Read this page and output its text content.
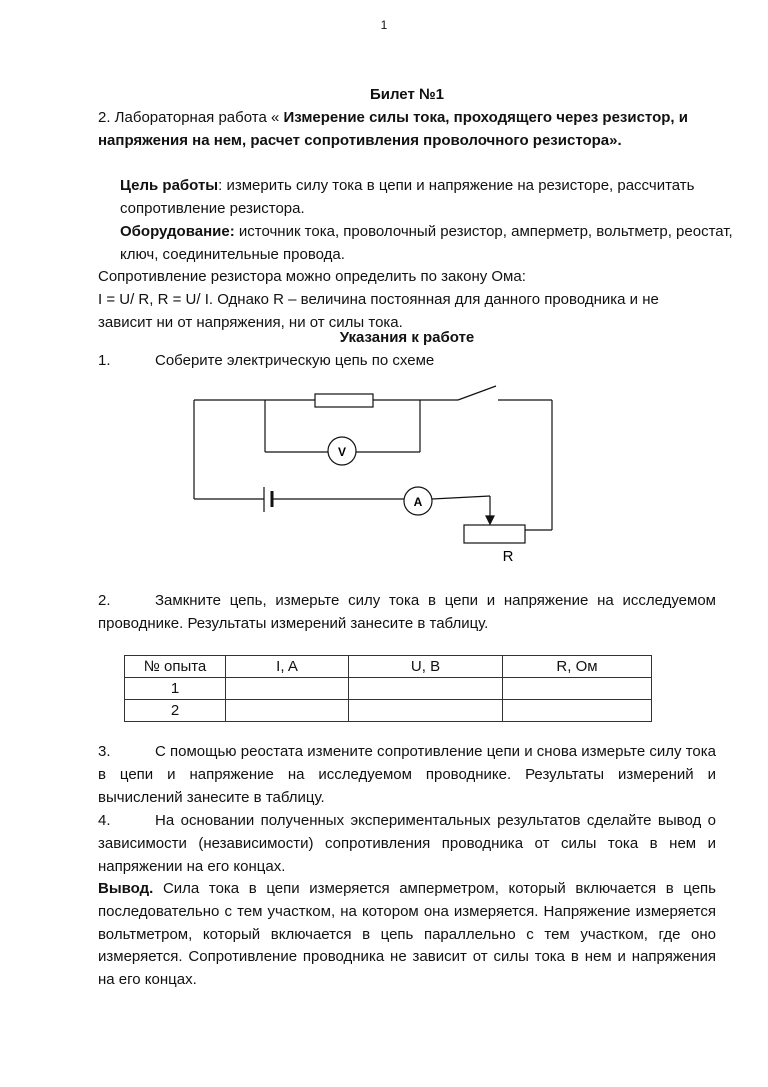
1
Билет №1
2. Лабораторная работа « Измерение силы тока, проходящего через резистор, и напряжения на нем, расчет сопротивления проволочного резистора».
Цель работы: измерить силу тока в цепи и напряжение на резисторе, рассчитать сопротивление резистора.
Оборудование: источник тока, проволочный резистор, амперметр, вольтметр, реостат, ключ, соединительные провода.
Сопротивление резистора можно определить по закону Ома:
I = U/ R, R = U/ I. Однако R – величина постоянная для данного проводника и не зависит ни от напряжения, ни от силы тока.
Указания к работе
1.	Соберите электрическую цепь по схеме
V
A
R
2.	Замкните цепь, измерьте силу тока в цепи и напряжение на исследуемом проводнике. Результаты измерений занесите в таблицу.
№ опыта	I, A	U, B	R, Ом
1			
2			
3.	С помощью реостата измените сопротивление цепи и снова измерьте силу тока в цепи и напряжение на исследуемом проводнике. Результаты измерений и вычислений занесите в таблицу.
4.	На основании полученных экспериментальных результатов сделайте вывод о зависимости (независимости) сопротивления проводника от силы тока в нем и напряжении на его концах.
Вывод. Сила тока в цепи измеряется амперметром, который включается в цепь последовательно с тем участком, на котором она измеряется. Напряжение измеряется вольтметром, который включается в цепь параллельно с тем участком, где оно измеряется. Сопротивление проводника не зависит от силы тока в нем и напряжения на его концах.
